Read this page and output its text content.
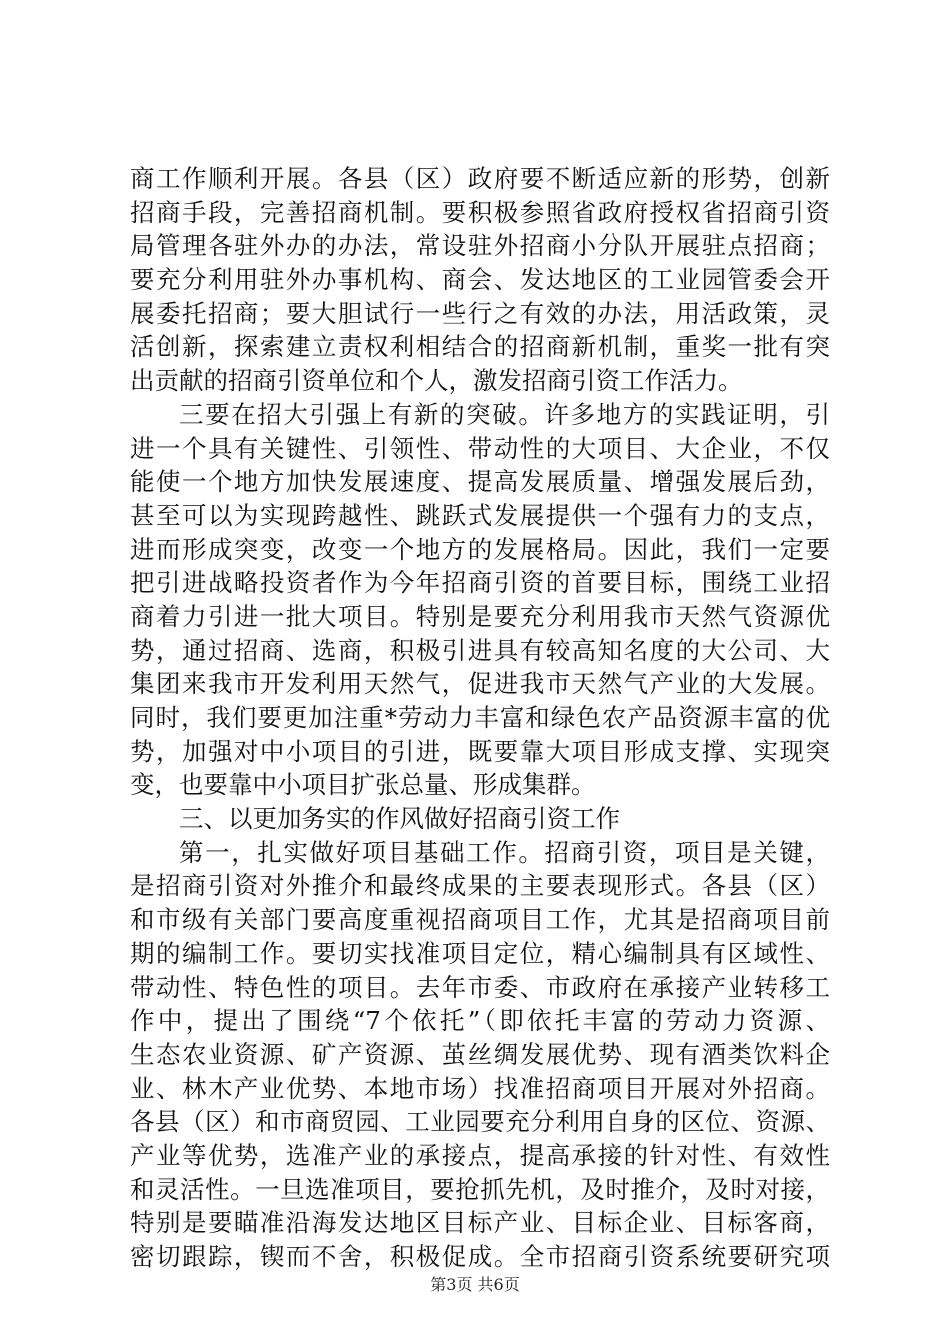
商工作顺利开展。各县（区）政府要不断适应新的形势，创新
招商手段，完善招商机制。要积极参照省政府授权省招商引资
局管理各驻外办的办法，常设驻外招商小分队开展驻点招商；
要充分利用驻外办事机构、商会、发达地区的工业园管委会开
展委托招商；要大胆试行一些行之有效的办法，用活政策，灵
活创新，探索建立责权利相结合的招商新机制，重奖一批有突
出贡献的招商引资单位和个人，激发招商引资工作活力。
三要在招大引强上有新的突破。许多地方的实践证明，引
进一个具有关键性、引领性、带动性的大项目、大企业，不仅
能使一个地方加快发展速度、提高发展质量、增强发展后劲，
甚至可以为实现跨越性、跳跃式发展提供一个强有力的支点，
进而形成突变，改变一个地方的发展格局。因此，我们一定要
把引进战略投资者作为今年招商引资的首要目标，围绕工业招
商着力引进一批大项目。特别是要充分利用我市天然气资源优
势，通过招商、选商，积极引进具有较高知名度的大公司、大
集团来我市开发利用天然气，促进我市天然气产业的大发展。
同时，我们要更加注重*劳动力丰富和绿色农产品资源丰富的优
势，加强对中小项目的引进，既要靠大项目形成支撑、实现突
变，也要靠中小项目扩张总量、形成集群。
三、以更加务实的作风做好招商引资工作
第一，扎实做好项目基础工作。招商引资，项目是关键，
是招商引资对外推介和最终成果的主要表现形式。各县（区）
和市级有关部门要高度重视招商项目工作，尤其是招商项目前
期的编制工作。要切实找准项目定位，精心编制具有区域性、
带动性、特色性的项目。去年市委、市政府在承接产业转移工
作中，提出了围绕“7个依托”（即依托丰富的劳动力资源、
生态农业资源、矿产资源、茧丝绸发展优势、现有酒类饮料企
业、林木产业优势、本地市场）找准招商项目开展对外招商。
各县（区）和市商贸园、工业园要充分利用自身的区位、资源、
产业等优势，选准产业的承接点，提高承接的针对性、有效性
和灵活性。一旦选准项目，要抢抓先机，及时推介，及时对接，
特别是要瞄准沿海发达地区目标产业、目标企业、目标客商，
密切跟踪，锲而不舍，积极促成。全市招商引资系统要研究项
第3页 共6页
